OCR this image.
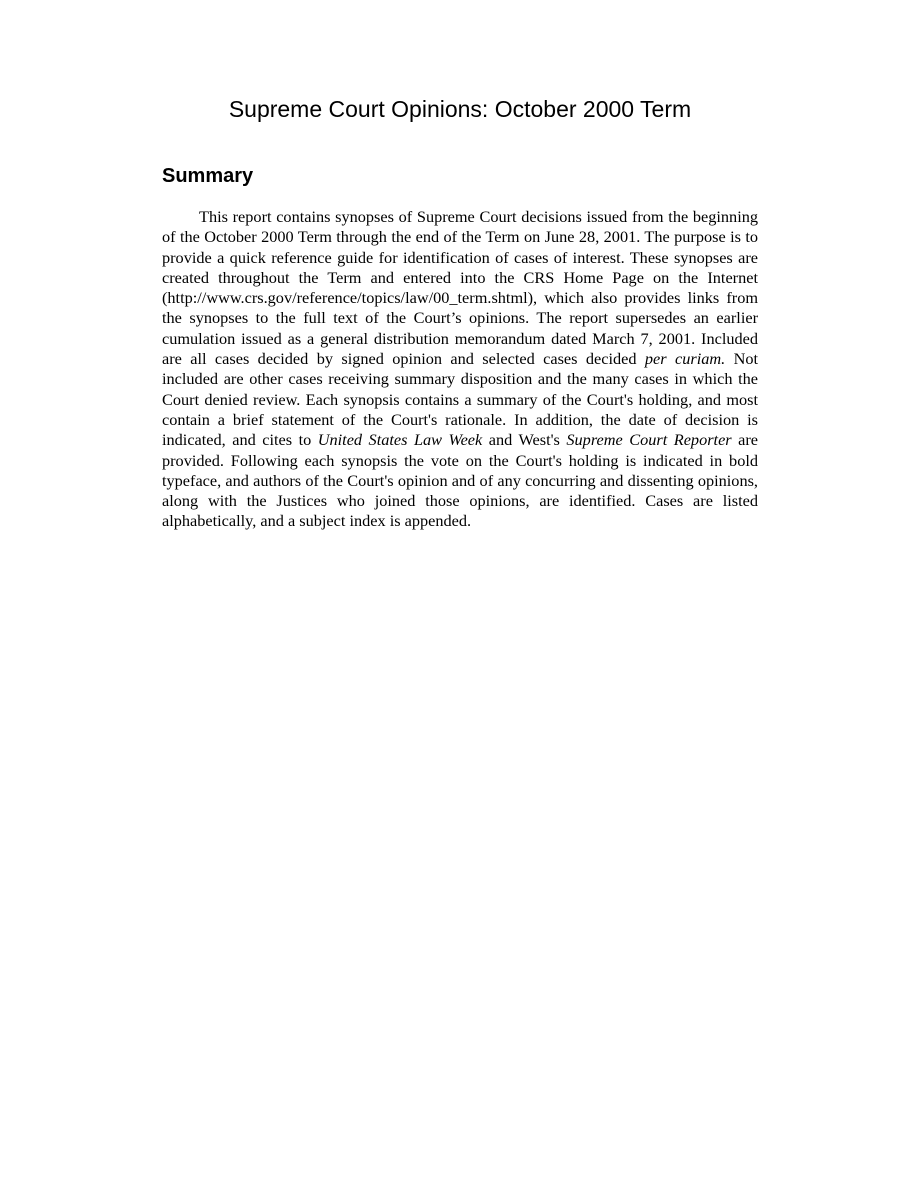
Supreme Court Opinions: October 2000 Term
Summary

This report contains synopses of Supreme Court decisions issued from the beginning of the October 2000 Term through the end of the Term on June 28, 2001. The purpose is to provide a quick reference guide for identification of cases of interest. These synopses are created throughout the Term and entered into the CRS Home Page on the Internet (http://www.crs.gov/reference/topics/law/00_term.shtml), which also provides links from the synopses to the full text of the Court’s opinions. The report supersedes an earlier cumulation issued as a general distribution memorandum dated March 7, 2001. Included are all cases decided by signed opinion and selected cases decided per curiam. Not included are other cases receiving summary disposition and the many cases in which the Court denied review. Each synopsis contains a summary of the Court's holding, and most contain a brief statement of the Court's rationale. In addition, the date of decision is indicated, and cites to United States Law Week and West's Supreme Court Reporter are provided. Following each synopsis the vote on the Court's holding is indicated in bold typeface, and authors of the Court's opinion and of any concurring and dissenting opinions, along with the Justices who joined those opinions, are identified. Cases are listed alphabetically, and a subject index is appended.
